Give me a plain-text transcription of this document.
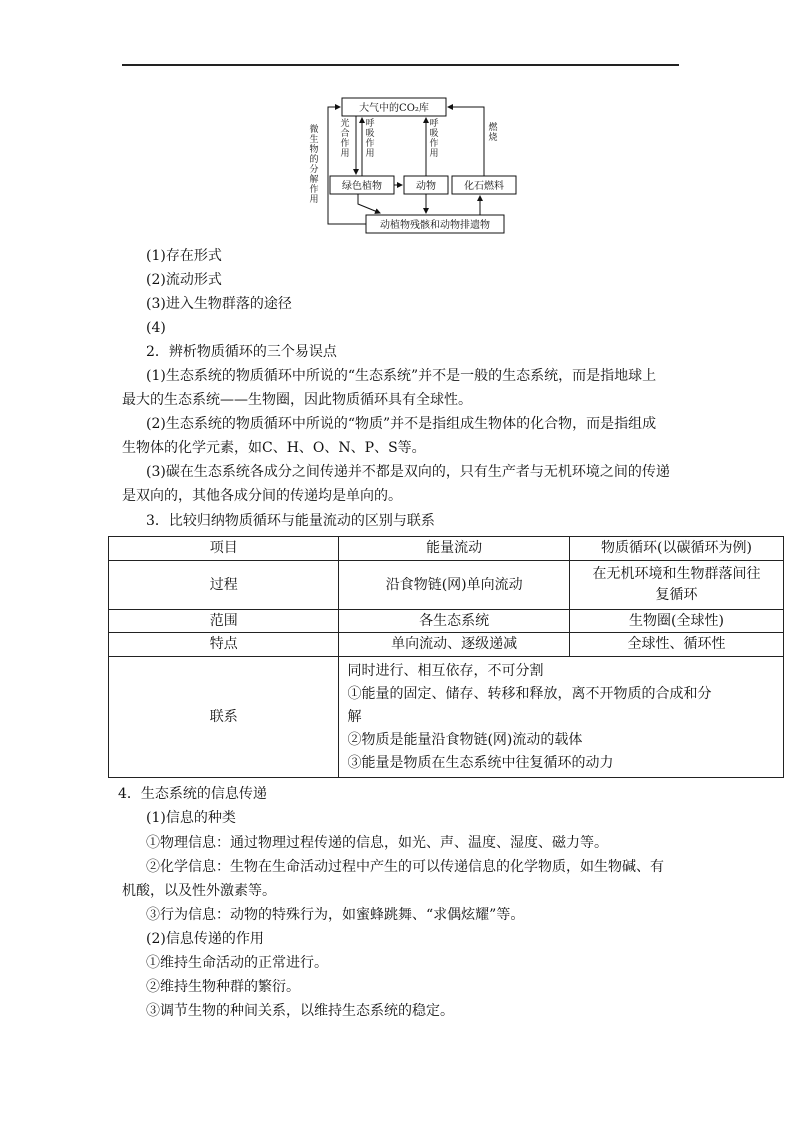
大气中的CO₂库
绿色植物	动物	化石燃料
动植物残骸和动物排遗物
微生物的分解作用
光合作用
呼吸作用
呼吸作用
燃烧
(1)存在形式
(2)流动形式
(3)进入生物群落的途径
(4)
2．辨析物质循环的三个易误点
(1)生态系统的物质循环中所说的“生态系统”并不是一般的生态系统，而是指地球上
最大的生态系统——生物圈，因此物质循环具有全球性。
(2)生态系统的物质循环中所说的“物质”并不是指组成生物体的化合物，而是指组成
生物体的化学元素，如C、H、O、N、P、S等。
(3)碳在生态系统各成分之间传递并不都是双向的，只有生产者与无机环境之间的传递
是双向的，其他各成分间的传递均是单向的。
3．比较归纳物质循环与能量流动的区别与联系
项目	能量流动	物质循环(以碳循环为例)
过程	沿食物链(网)单向流动	在无机环境和生物群落间往
复循环

范围	各生态系统	生物圈(全球性)
特点	单向流动、逐级递减	全球性、循环性
联系	同时进行、相互依存，不可分割
①能量的固定、储存、转移和释放，离不开物质的合成和分
解
②物质是能量沿食物链(网)流动的载体
③能量是物质在生态系统中往复循环的动力	
4．生态系统的信息传递
(1)信息的种类
①物理信息：通过物理过程传递的信息，如光、声、温度、湿度、磁力等。
②化学信息：生物在生命活动过程中产生的可以传递信息的化学物质，如生物碱、有
机酸，以及性外激素等。
③行为信息：动物的特殊行为，如蜜蜂跳舞、“求偶炫耀”等。
(2)信息传递的作用
①维持生命活动的正常进行。
②维持生物种群的繁衍。
③调节生物的种间关系，以维持生态系统的稳定。
